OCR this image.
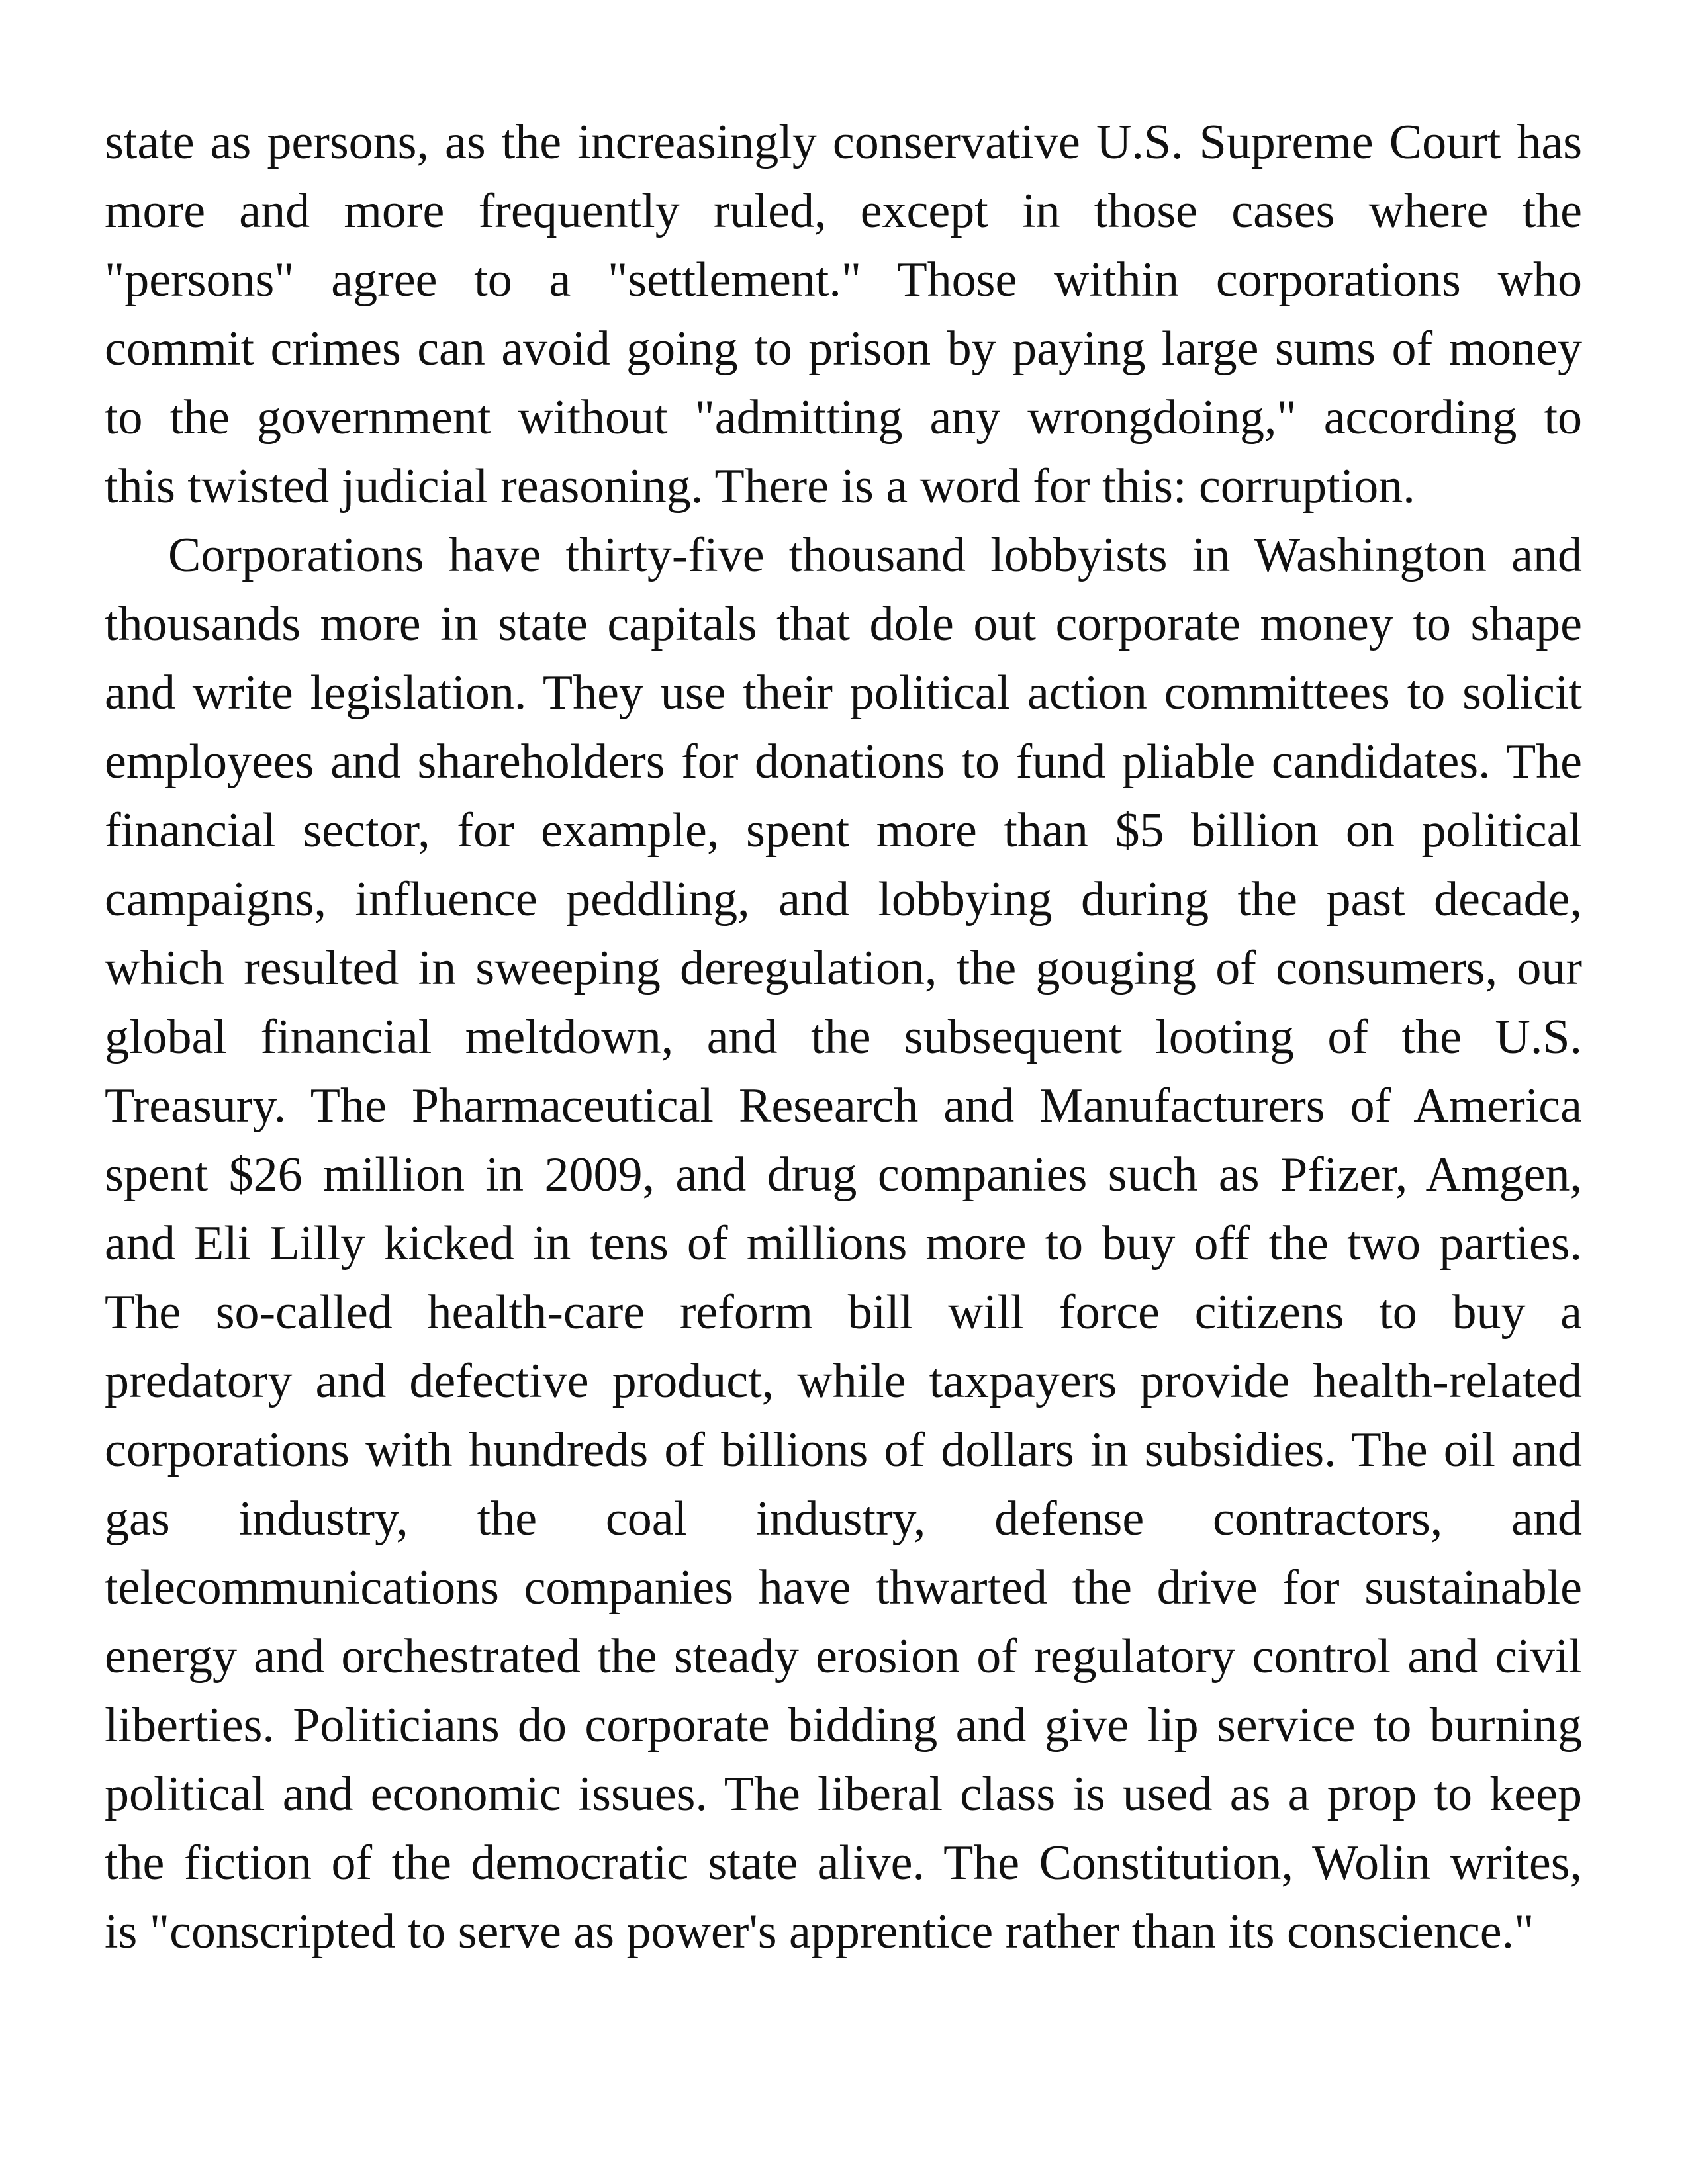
state as persons, as the increasingly conservative U.S. Supreme Court has
more and more frequently ruled, except in those cases where the
"persons" agree to a "settlement." Those within corporations who
commit crimes can avoid going to prison by paying large sums of money
to the government without "admitting any wrongdoing," according to
this twisted judicial reasoning. There is a word for this: corruption.
Corporations have thirty-five thousand lobbyists in Washington and
thousands more in state capitals that dole out corporate money to shape
and write legislation. They use their political action committees to solicit
employees and shareholders for donations to fund pliable candidates. The
financial sector, for example, spent more than $5 billion on political
campaigns, influence peddling, and lobbying during the past decade,
which resulted in sweeping deregulation, the gouging of consumers, our
global financial meltdown, and the subsequent looting of the U.S.
Treasury. The Pharmaceutical Research and Manufacturers of America
spent $26 million in 2009, and drug companies such as Pfizer, Amgen,
and Eli Lilly kicked in tens of millions more to buy off the two parties.
The so-called health-care reform bill will force citizens to buy a
predatory and defective product, while taxpayers provide health-related
corporations with hundreds of billions of dollars in subsidies. The oil and
gas industry, the coal industry, defense contractors, and
telecommunications companies have thwarted the drive for sustainable
energy and orchestrated the steady erosion of regulatory control and civil
liberties. Politicians do corporate bidding and give lip service to burning
political and economic issues. The liberal class is used as a prop to keep
the fiction of the democratic state alive. The Constitution, Wolin writes,
is "conscripted to serve as power's apprentice rather than its conscience."
